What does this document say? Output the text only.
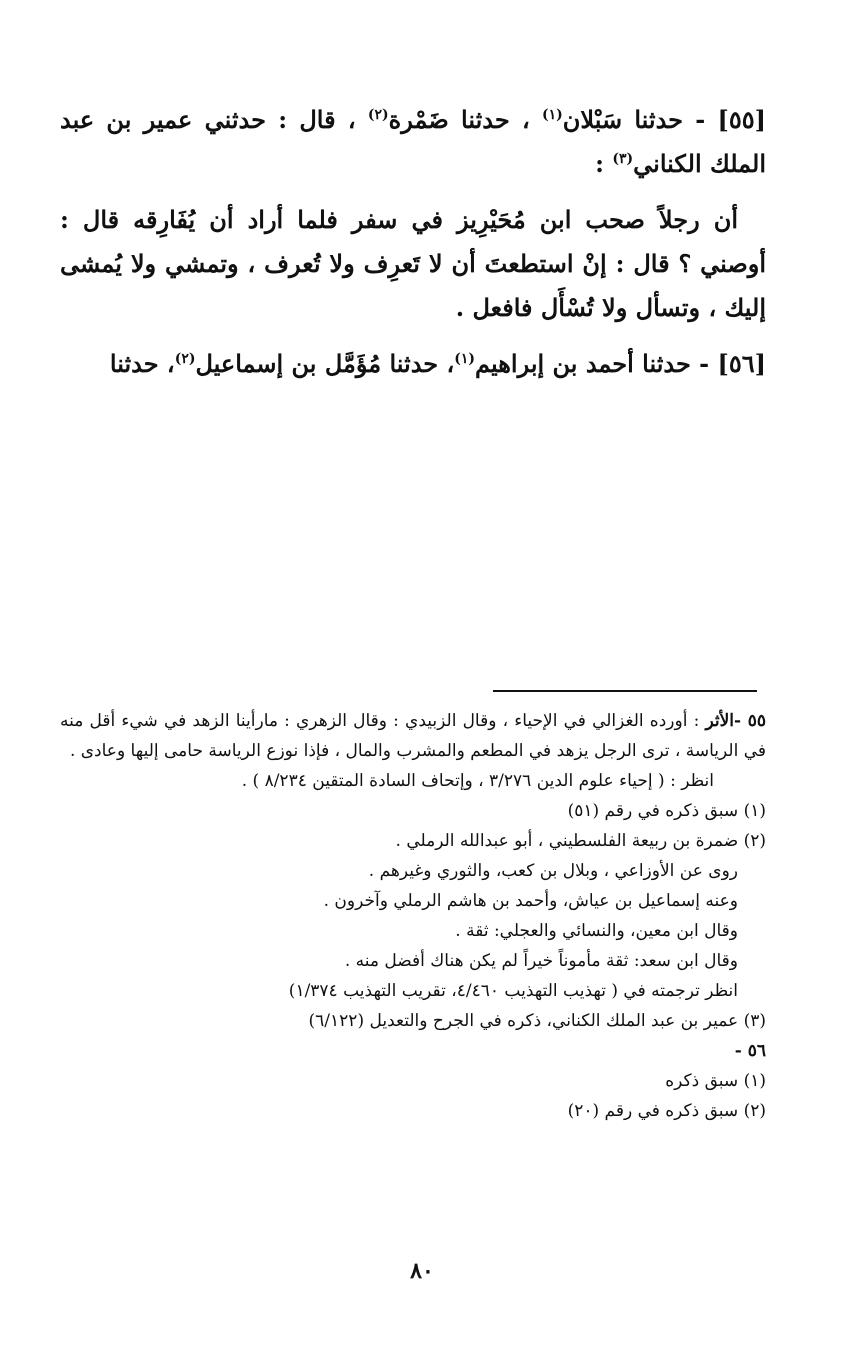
[٥٥] - حدثنا سَبْلان$^{(١)}$ ، حدثنا ضَمْرة$^{(٢)}$ ، قال : حدثني عمير بن عبد الملك الكناني$^{(٣)}$ :

أن رجلاً صحب ابن مُحَيْرِيز في سفر فلما أراد أن يُفَارِقه قال : أوصني ؟ قال : إنْ استطعتَ أن لا تَعرِف ولا تُعرف ، وتمشي ولا يُمشى إليك ، وتسأل ولا تُسْأَل فافعل .

[٥٦] - حدثنا أحمد بن إبراهيم$^{(١)}$، حدثنا مُؤَمَّل بن إسماعيل$^{(٢)}$، حدثنا

٥٥ -الأثر : أورده الغزالي في الإحياء ، وقال الزبيدي : وقال الزهري : مارأينا الزهد في شيء أقل منه في الرياسة ، ترى الرجل يزهد في المطعم والمشرب والمال ، فإذا نوزع الرياسة حامى إليها وعادى .
انظر : ( إحياء علوم الدين ٣/٢٧٦ ، وإتحاف السادة المتقين ٨/٢٣٤ ) .
(١) سبق ذكره في رقم (٥١)
(٢) ضمرة بن ربيعة الفلسطيني ، أبو عبدالله الرملي .
روى عن الأوزاعي ، وبلال بن كعب، والثوري وغيرهم .
وعنه إسماعيل بن عياش، وأحمد بن هاشم الرملي وآخرون .
وقال ابن معين، والنسائي والعجلي: ثقة .
وقال ابن سعد: ثقة مأموناً خيراً لم يكن هناك أفضل منه .
انظر ترجمته في ( تهذيب التهذيب ٤/٤٦٠، تقريب التهذيب ١/٣٧٤)
(٣) عمير بن عبد الملك الكناني، ذكره في الجرح والتعديل (٦/١٢٢)
٥٦ -
(١) سبق ذكره
(٢) سبق ذكره في رقم (٢٠)
٨٠
